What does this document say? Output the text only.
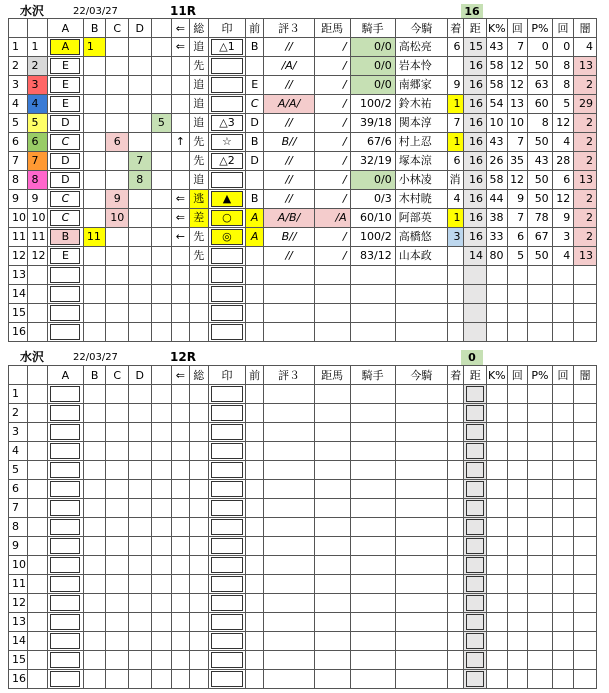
水沢	22/03/27	11R	16
		A	B	C	D		⇐	総	印	前	評３	距馬	騎手	今騎	着	距	K%	回	P%	回	闇
1	1	A	1				⇐	追	△1	B	//	/	0/0	高松亮	6	15	43	7	0	0	4
2	2	E						先			/A/	/	0/0	岩本怜		16	58	12	50	8	13
3	3	E						追		E	//	/	0/0	南郷家	9	16	58	12	63	8	2
4	4	E						追		C	A/A/	/	100/2	鈴木祐	1	16	54	13	60	5	29
5	5	D				5		追	△3	D	//	/	39/18	関本淳	7	16	10	10	8	12	2
6	6	C		6			↑	先	☆	B	B//	/	67/6	村上忍	1	16	43	7	50	4	2
7	7	D			7			先	△2	D	//	/	32/19	塚本涼	6	16	26	35	43	28	2
8	8	D			8			追			//	/	0/0	小林凌	消	16	58	12	50	6	13
9	9	C		9			⇐	逃	▲	B	//	/	0/3	木村暁	4	16	44	9	50	12	2
10	10	C		10			⇐	差	○	A	A/B/	/A	60/10	阿部英	1	16	38	7	78	9	2
11	11	B	11				←	先	◎	A	B//	/	100/2	高橋悠	3	16	33	6	67	3	2
12	12	E						先			//	/	83/12	山本政		14	80	5	50	4	13
13																					
14																					
15																					
16																					
水沢	22/03/27	12R	0
		A	B	C	D		⇐	総	印	前	評３	距馬	騎手	今騎	着	距	K%	回	P%	回	闇
1																					
2																					
3																					
4																					
5																					
6																					
7																					
8																					
9																					
10																					
11																					
12																					
13																					
14																					
15																					
16																					
